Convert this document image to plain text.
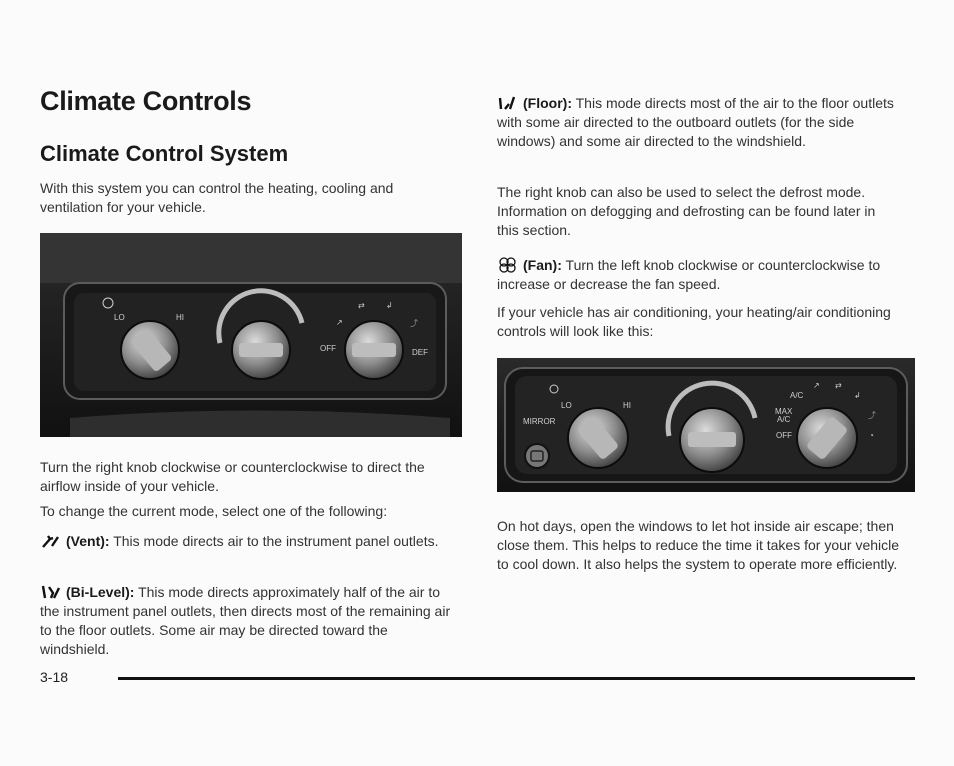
Climate Controls
Climate Control System

With this system you can control the heating, cooling and ventilation for your vehicle.

LO	HI
OFF	DEF
⇄	↲
↗	⤴

Turn the right knob clockwise or counterclockwise to direct the airflow inside of your vehicle.

To change the current mode, select one of the following:

(Vent): This mode directs air to the instrument panel outlets.

(Bi-Level): This mode directs approximately half of the air to the instrument panel outlets, then directs most of the remaining air to the floor outlets. Some air may be directed toward the windshield.

(Floor): This mode directs most of the air to the floor outlets with some air directed to the outboard outlets (for the side windows) and some air directed to the windshield.

The right knob can also be used to select the defrost mode. Information on defogging and defrosting can be found later in this section.

(Fan): Turn the left knob clockwise or counterclockwise to increase or decrease the fan speed.

If your vehicle has air conditioning, your heating/air conditioning controls will look like this:

MIRROR
LO	HI
A/C
MAX
A/C
OFF
↗ ⇄
↲
⤴
◔

On hot days, open the windows to let hot inside air escape; then close them. This helps to reduce the time it takes for your vehicle to cool down. It also helps the system to operate more efficiently.

3-18
